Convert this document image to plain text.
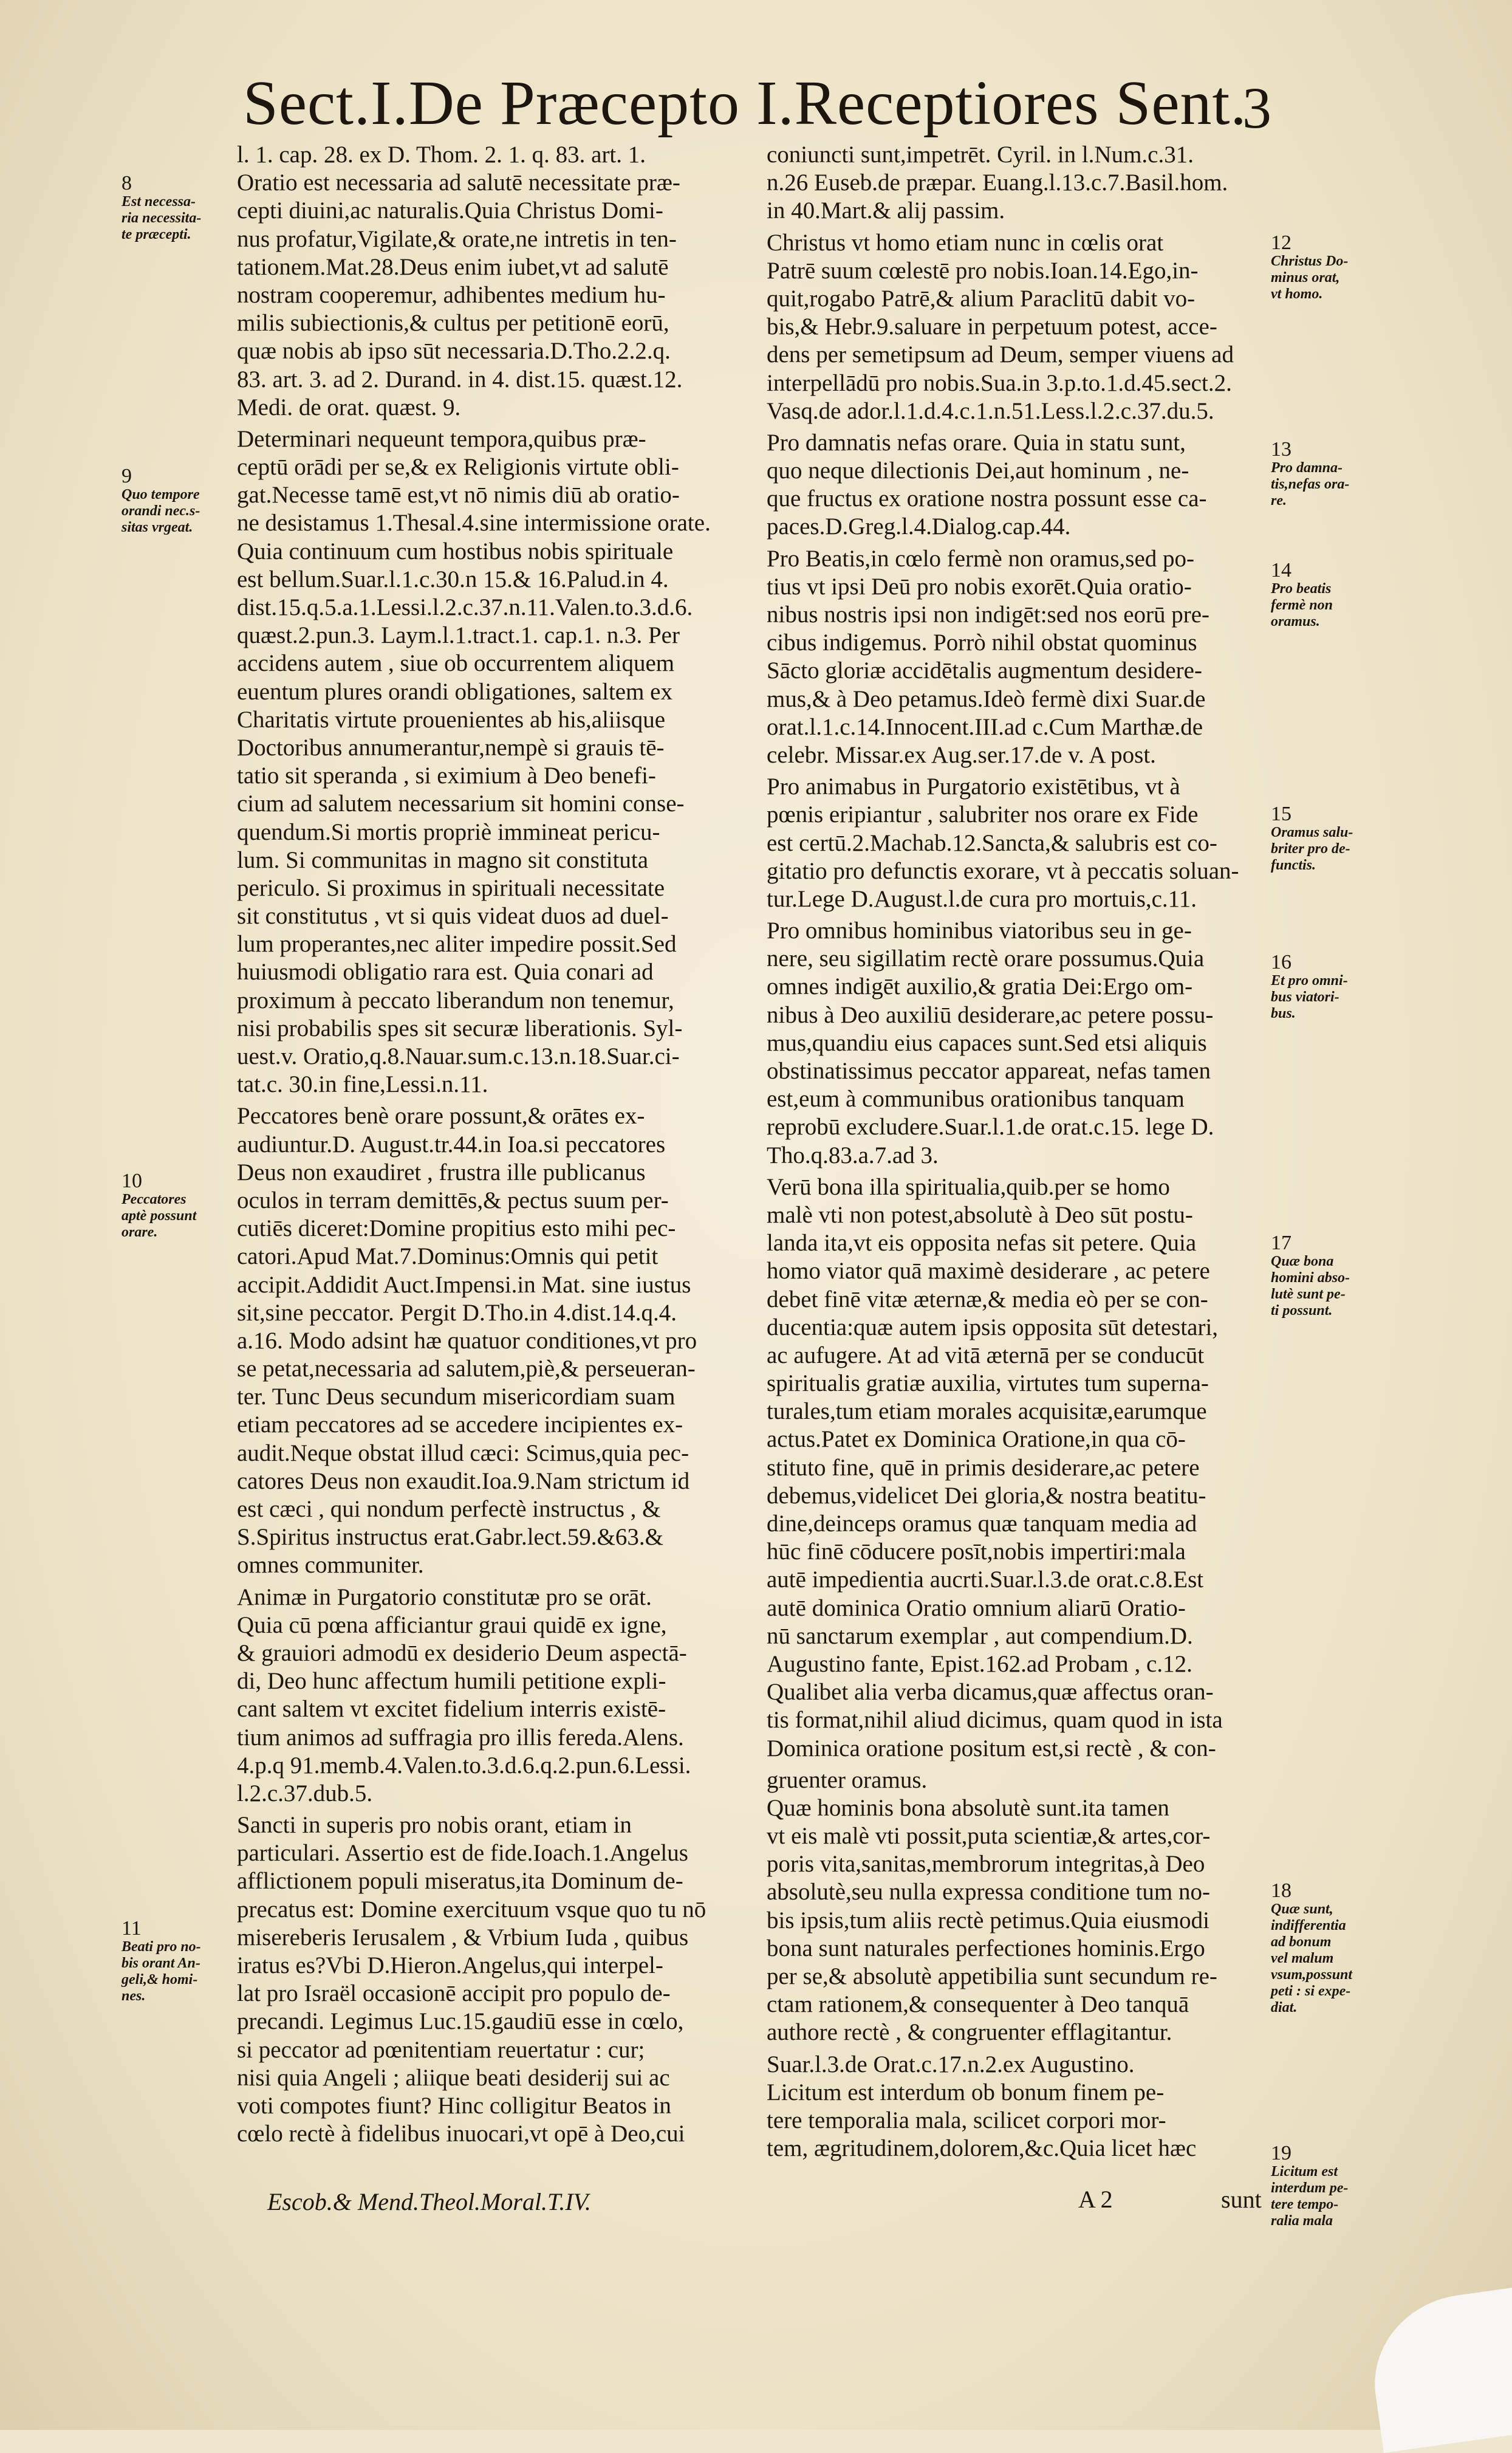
Sect.I.De Præcepto I.Receptiores Sent.
3
l. 1. cap. 28. ex D. Thom. 2. 1. q. 83. art. 1.
Oratio est necessaria ad salutē necessitate præ-
cepti diuini,ac naturalis.Quia Christus Domi-
nus profatur,Vigilate,& orate,ne intretis in ten-
tationem.Mat.28.Deus enim iubet,vt ad salutē
nostram cooperemur, adhibentes medium hu-
milis subiectionis,& cultus per petitionē eorū,
quæ nobis ab ipso sūt necessaria.D.Tho.2.2.q.
83. art. 3. ad 2. Durand. in 4. dist.15. quæst.12.
Medi. de orat. quæst. 9.
Determinari nequeunt tempora,quibus præ-
ceptū orādi per se,& ex Religionis virtute obli-
gat.Necesse tamē est,vt nō nimis diū ab oratio-
ne desistamus 1.Thesal.4.sine intermissione orate.
Quia continuum cum hostibus nobis spirituale
est bellum.Suar.l.1.c.30.n 15.& 16.Palud.in 4.
dist.15.q.5.a.1.Lessi.l.2.c.37.n.11.Valen.to.3.d.6.
quæst.2.pun.3. Laym.l.1.tract.1. cap.1. n.3. Per
accidens autem , siue ob occurrentem aliquem
euentum plures orandi obligationes, saltem ex
Charitatis virtute prouenientes ab his,aliisque
Doctoribus annumerantur,nempè si grauis tē-
tatio sit speranda , si eximium à Deo benefi-
cium ad salutem necessarium sit homini conse-
quendum.Si mortis propriè immineat pericu-
lum. Si communitas in magno sit constituta
periculo. Si proximus in spirituali necessitate
sit constitutus , vt si quis videat duos ad duel-
lum properantes,nec aliter impedire possit.Sed
huiusmodi obligatio rara est. Quia conari ad
proximum à peccato liberandum non tenemur,
nisi probabilis spes sit securæ liberationis. Syl-
uest.v. Oratio,q.8.Nauar.sum.c.13.n.18.Suar.ci-
tat.c. 30.in fine,Lessi.n.11.
Peccatores benè orare possunt,& orātes ex-
audiuntur.D. August.tr.44.in Ioa.si peccatores
Deus non exaudiret , frustra ille publicanus
oculos in terram demittēs,& pectus suum per-
cutiēs diceret:Domine propitius esto mihi pec-
catori.Apud Mat.7.Dominus:Omnis qui petit
accipit.Addidit Auct.Impensi.in Mat. sine iustus
sit,sine peccator. Pergit D.Tho.in 4.dist.14.q.4.
a.16. Modo adsint hæ quatuor conditiones,vt pro
se petat,necessaria ad salutem,piè,& perseueran-
ter. Tunc Deus secundum misericordiam suam
etiam peccatores ad se accedere incipientes ex-
audit.Neque obstat illud cæci: Scimus,quia pec-
catores Deus non exaudit.Ioa.9.Nam strictum id
est cæci , qui nondum perfectè instructus , &
S.Spiritus instructus erat.Gabr.lect.59.&63.&
omnes communiter.
Animæ in Purgatorio constitutæ pro se orāt.
Quia cū pœna afficiantur graui quidē ex igne,
& grauiori admodū ex desiderio Deum aspectā-
di, Deo hunc affectum humili petitione expli-
cant saltem vt excitet fidelium interris existē-
tium animos ad suffragia pro illis fereda.Alens.
4.p.q 91.memb.4.Valen.to.3.d.6.q.2.pun.6.Lessi.
l.2.c.37.dub.5.
Sancti in superis pro nobis orant, etiam in
particulari. Assertio est de fide.Ioach.1.Angelus
afflictionem populi miseratus,ita Dominum de-
precatus est: Domine exercituum vsque quo tu nō
misereberis Ierusalem , & Vrbium Iuda , quibus
iratus es?Vbi D.Hieron.Angelus,qui interpel-
lat pro Israël occasionē accipit pro populo de-
precandi. Legimus Luc.15.gaudiū esse in cœlo,
si peccator ad pœnitentiam reuertatur : cur;
nisi quia Angeli ; aliique beati desiderij sui ac
voti compotes fiunt? Hinc colligitur Beatos in
cœlo rectè à fidelibus inuocari,vt opē à Deo,cui
coniuncti sunt,impetrēt. Cyril. in l.Num.c.31.
n.26 Euseb.de præpar. Euang.l.13.c.7.Basil.hom.
in 40.Mart.& alij passim.
Christus vt homo etiam nunc in cœlis orat
Patrē suum cœlestē pro nobis.Ioan.14.Ego,in-
quit,rogabo Patrē,& alium Paraclitū dabit vo-
bis,& Hebr.9.saluare in perpetuum potest, acce-
dens per semetipsum ad Deum, semper viuens ad
interpellādū pro nobis.Sua.in 3.p.to.1.d.45.sect.2.
Vasq.de ador.l.1.d.4.c.1.n.51.Less.l.2.c.37.du.5.
Pro damnatis nefas orare. Quia in statu sunt,
quo neque dilectionis Dei,aut hominum , ne-
que fructus ex oratione nostra possunt esse ca-
paces.D.Greg.l.4.Dialog.cap.44.
Pro Beatis,in cœlo fermè non oramus,sed po-
tius vt ipsi Deū pro nobis exorēt.Quia oratio-
nibus nostris ipsi non indigēt:sed nos eorū pre-
cibus indigemus. Porrò nihil obstat quominus
Sācto gloriæ accidētalis augmentum desidere-
mus,& à Deo petamus.Ideò fermè dixi Suar.de
orat.l.1.c.14.Innocent.III.ad c.Cum Marthæ.de
celebr. Missar.ex Aug.ser.17.de v. A post.
Pro animabus in Purgatorio existētibus, vt à
pœnis eripiantur , salubriter nos orare ex Fide
est certū.2.Machab.12.Sancta,& salubris est co-
gitatio pro defunctis exorare, vt à peccatis soluan-
tur.Lege D.August.l.de cura pro mortuis,c.11.
Pro omnibus hominibus viatoribus seu in ge-
nere, seu sigillatim rectè orare possumus.Quia
omnes indigēt auxilio,& gratia Dei:Ergo om-
nibus à Deo auxiliū desiderare,ac petere possu-
mus,quandiu eius capaces sunt.Sed etsi aliquis
obstinatissimus peccator appareat, nefas tamen
est,eum à communibus orationibus tanquam
reprobū excludere.Suar.l.1.de orat.c.15. lege D.
Tho.q.83.a.7.ad 3.
Verū bona illa spiritualia,quib.per se homo
malè vti non potest,absolutè à Deo sūt postu-
landa ita,vt eis opposita nefas sit petere. Quia
homo viator quā maximè desiderare , ac petere
debet finē vitæ æternæ,& media eò per se con-
ducentia:quæ autem ipsis opposita sūt detestari,
ac aufugere. At ad vitā æternā per se conducūt
spiritualis gratiæ auxilia, virtutes tum superna-
turales,tum etiam morales acquisitæ,earumque
actus.Patet ex Dominica Oratione,in qua cō-
stituto fine, quē in primis desiderare,ac petere
debemus,videlicet Dei gloria,& nostra beatitu-
dine,deinceps oramus quæ tanquam media ad
hūc finē cōducere posīt,nobis impertiri:mala
autē impedientia aucrti.Suar.l.3.de orat.c.8.Est
autē dominica Oratio omnium aliarū Oratio-
nū sanctarum exemplar , aut compendium.D.
Augustino fante, Epist.162.ad Probam , c.12.
Qualibet alia verba dicamus,quæ affectus oran-
tis format,nihil aliud dicimus, quam quod in ista
Dominica oratione positum est,si rectè , & con-
gruenter oramus.
Quæ hominis bona absolutè sunt.ita tamen
vt eis malè vti possit,puta scientiæ,& artes,cor-
poris vita,sanitas,membrorum integritas,à Deo
absolutè,seu nulla expressa conditione tum no-
bis ipsis,tum aliis rectè petimus.Quia eiusmodi
bona sunt naturales perfectiones hominis.Ergo
per se,& absolutè appetibilia sunt secundum re-
ctam rationem,& consequenter à Deo tanquā
authore rectè , & congruenter efflagitantur.
Suar.l.3.de Orat.c.17.n.2.ex Augustino.
Licitum est interdum ob bonum finem pe-
tere temporalia mala, scilicet corpori mor-
tem, ægritudinem,dolorem,&c.Quia licet hæc
8
Est necessa-
ria necessita-
te præcepti.
9
Quo tempore
orandi nec.s-
sitas vrgeat.
10
Peccatores
aptè possunt
orare.
11
Beati pro no-
bis orant An-
geli,& homi-
nes.
12
Christus Do-
minus orat,
vt homo.
13
Pro damna-
tis,nefas ora-
re.
14
Pro beatis
fermè non
oramus.
15
Oramus salu-
briter pro de-
functis.
16
Et pro omni-
bus viatori-
bus.
17
Quæ bona
homini abso-
lutè sunt pe-
ti possunt.
18
Quæ sunt,
indifferentia
ad bonum
vel malum
vsum,possunt
peti : si expe-
diat.
19
Licitum est
interdum pe-
tere tempo-
ralia mala
Escob.& Mend.Theol.Moral.T.IV.	A 2	sunt
